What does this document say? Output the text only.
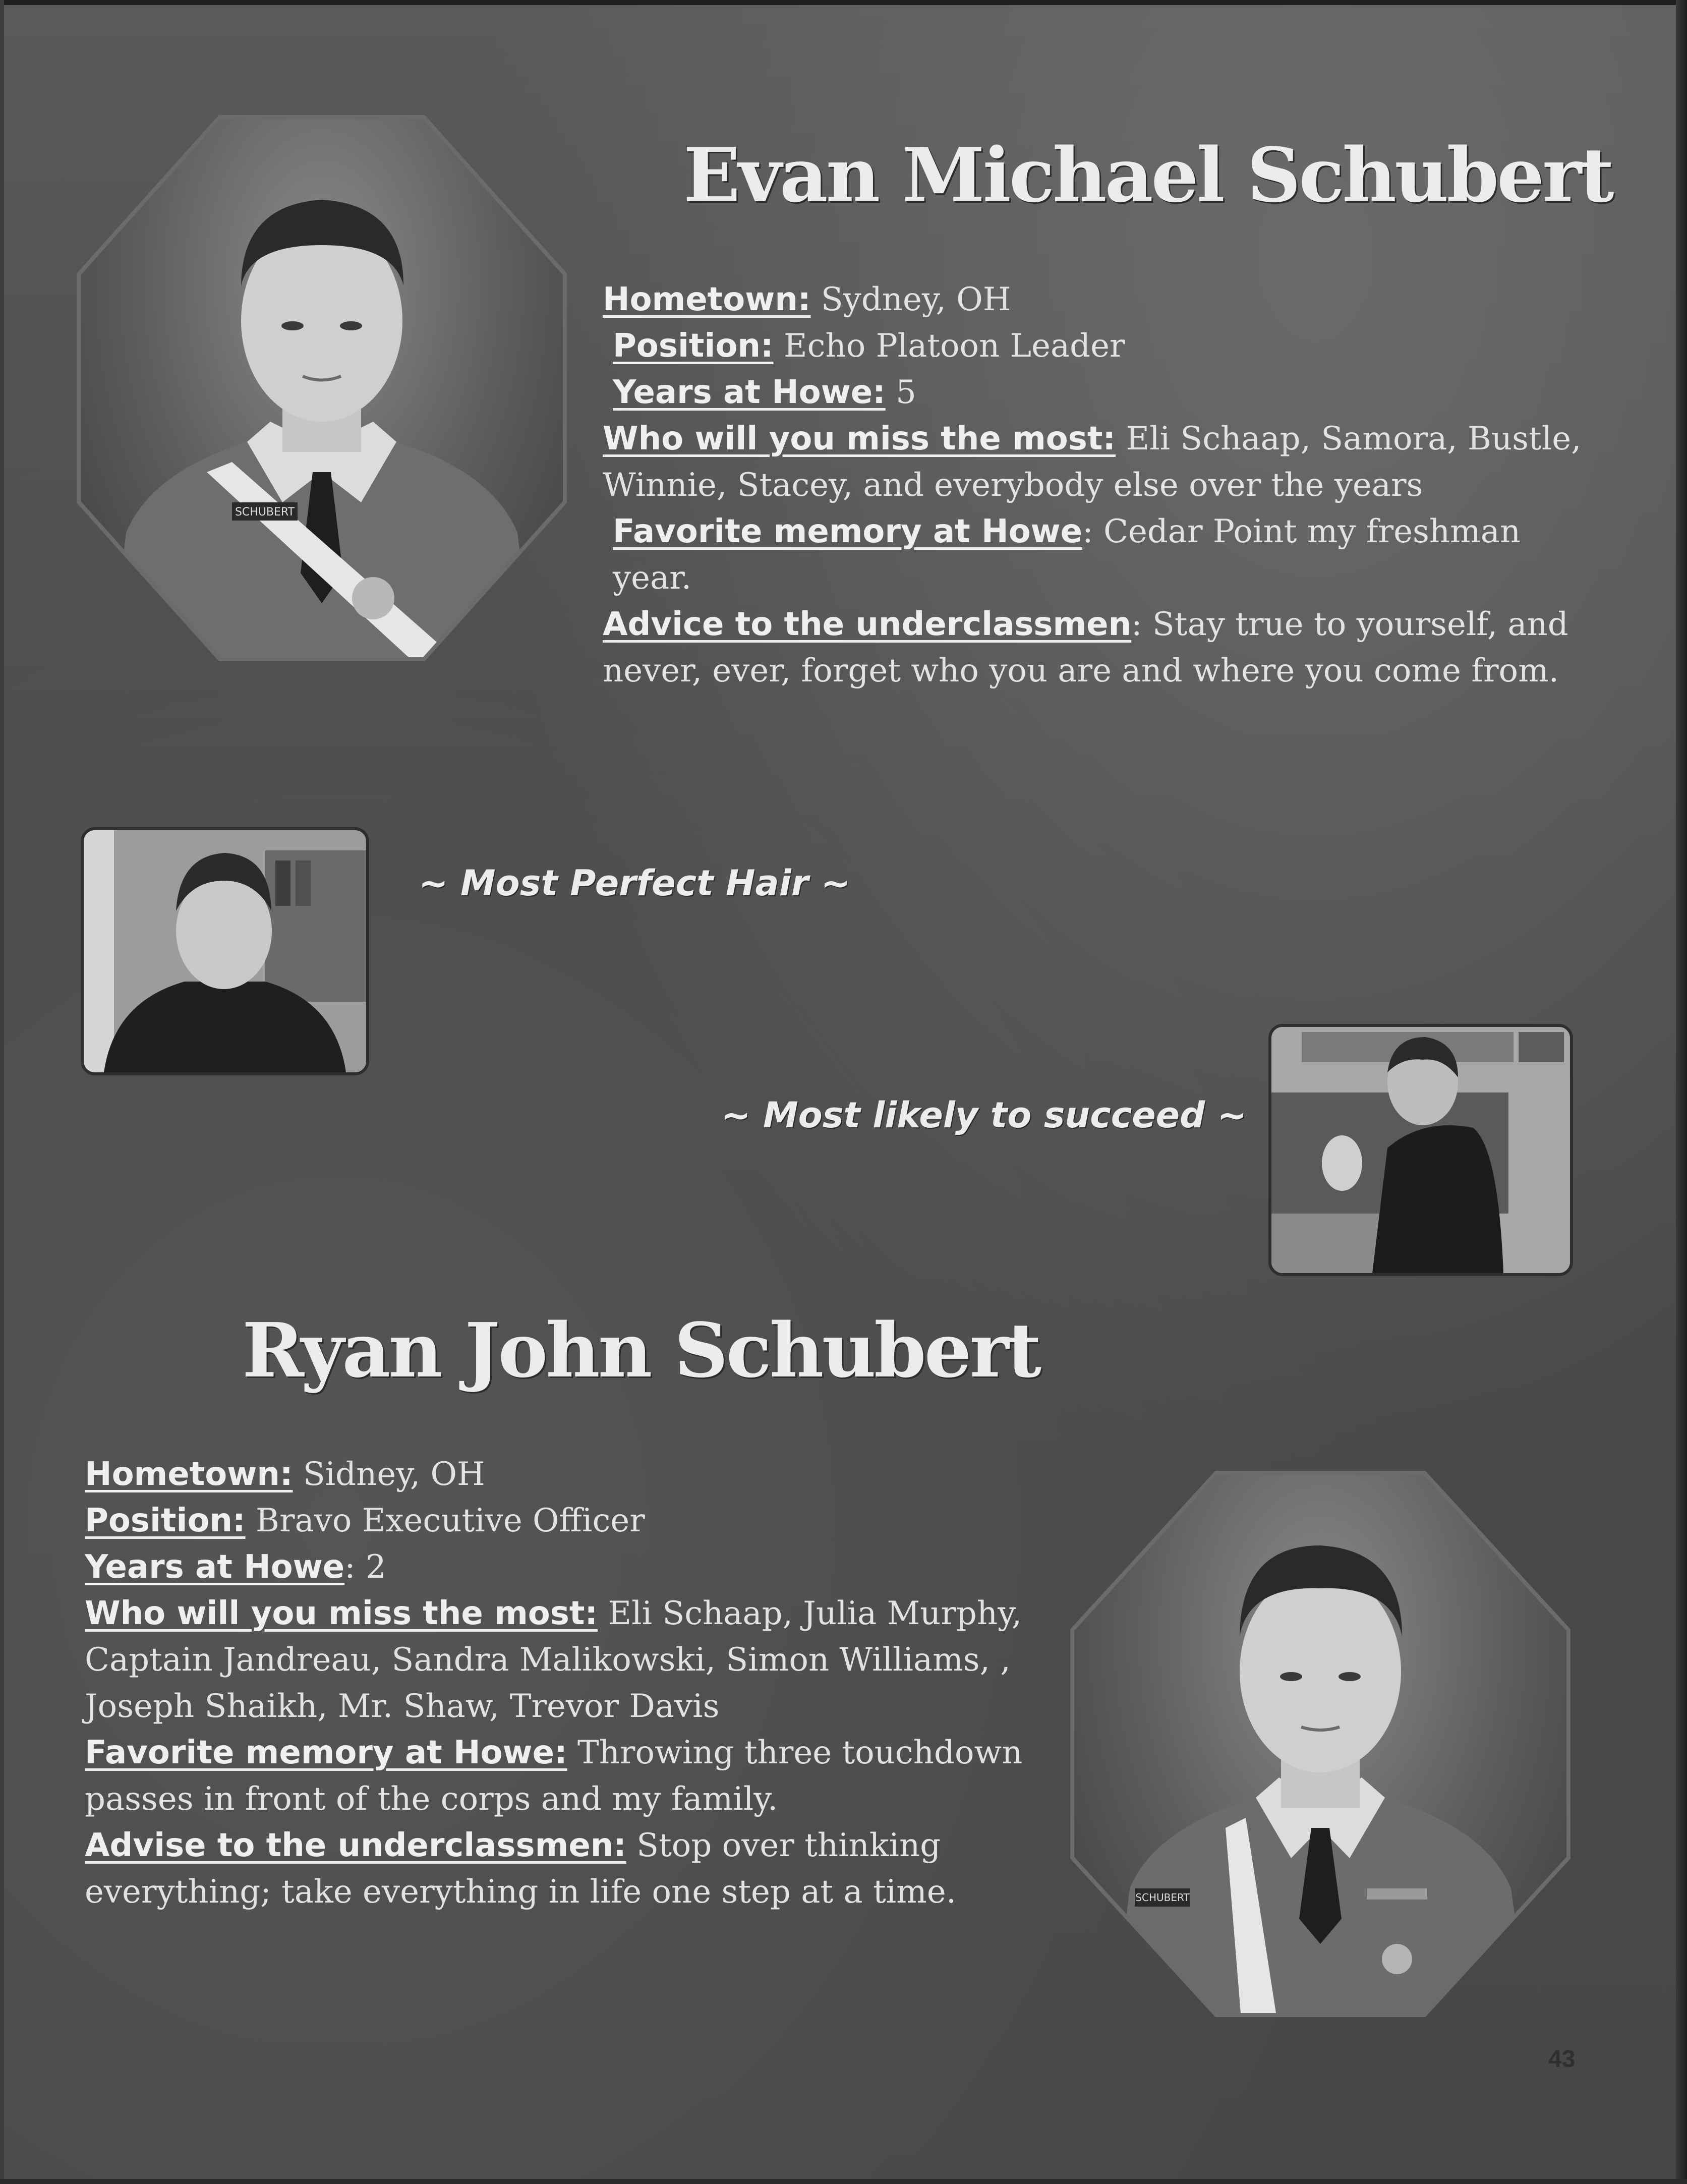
SCHUBERT
Evan Michael Schubert

Hometown: Sydney, OH

Position: Echo Platoon Leader

Years at Howe: 5

Who will you miss the most: Eli Schaap, Samora, Bustle, Winnie, Stacey, and everybody else over the years

Favorite memory at Howe: Cedar Point my freshman year.

Advice to the underclassmen: Stay true to yourself, and never, ever, forget who you are and where you come from.

~ Most Perfect Hair ~

~ Most likely to succeed ~

Ryan John Schubert

Hometown: Sidney, OH

Position: Bravo Executive Officer

Years at Howe: 2

Who will you miss the most: Eli Schaap, Julia Murphy, Captain Jandreau, Sandra Malikowski, Simon Williams, , Joseph Shaikh, Mr. Shaw, Trevor Davis

Favorite memory at Howe: Throwing three touchdown passes in front of the corps and my family.

Advise to the underclassmen: Stop over thinking everything; take everything in life one step at a time.	SCHUBERT
43
